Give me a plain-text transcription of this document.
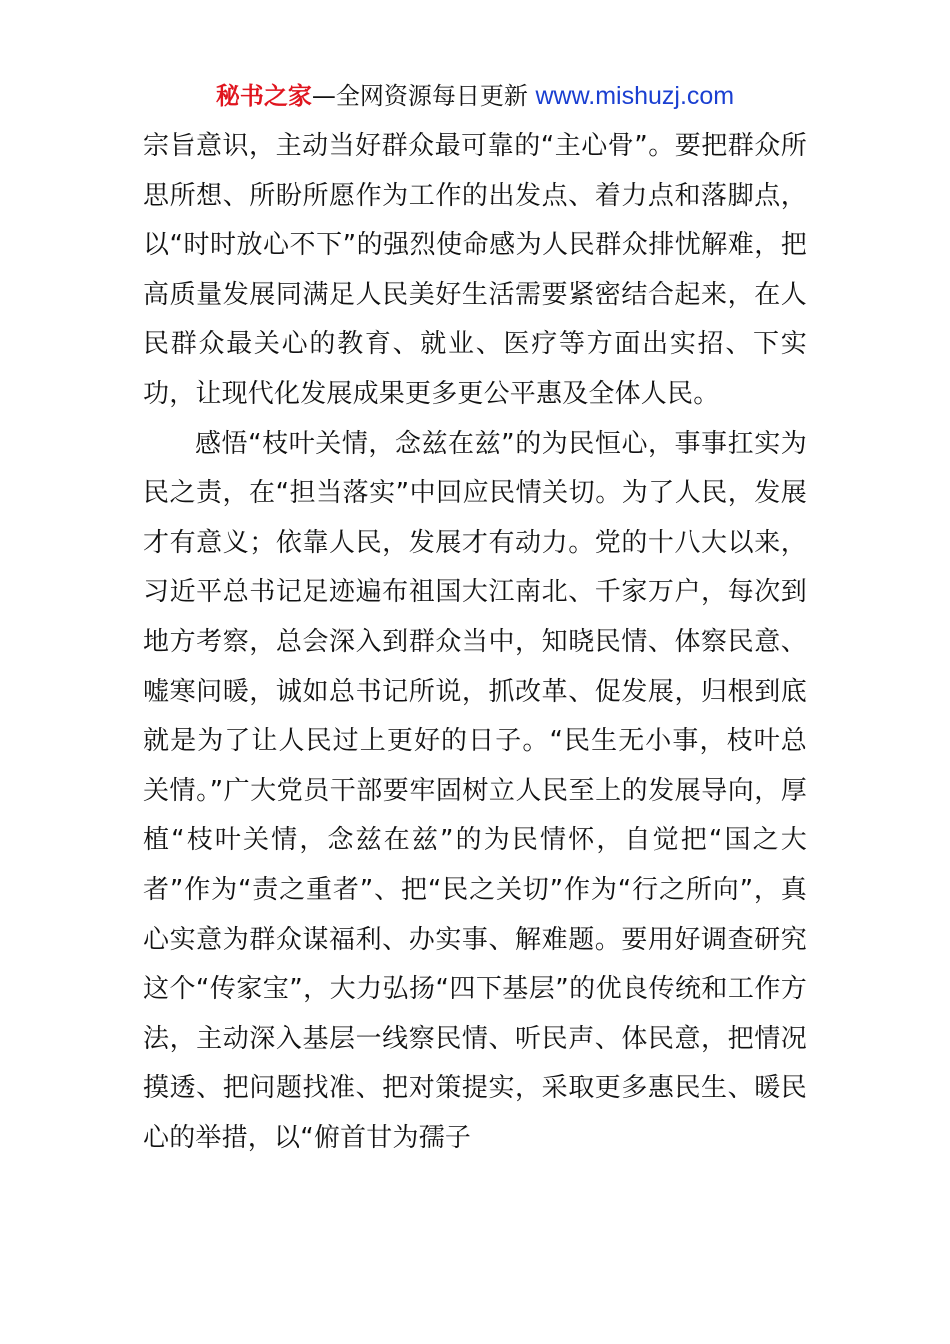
秘书之家—全网资源每日更新 www.mishuzj.com

宗旨意识，主动当好群众最可靠的“主心骨”。要把群众所思所想、所盼所愿作为工作的出发点、着力点和落脚点，以“时时放心不下”的强烈使命感为人民群众排忧解难，把高质量发展同满足人民美好生活需要紧密结合起来，在人民群众最关心的教育、就业、医疗等方面出实招、下实功，让现代化发展成果更多更公平惠及全体人民。

感悟“枝叶关情，念兹在兹”的为民恒心，事事扛实为民之责，在“担当落实”中回应民情关切。为了人民，发展才有意义；依靠人民，发展才有动力。党的十八大以来，习近平总书记足迹遍布祖国大江南北、千家万户，每次到地方考察，总会深入到群众当中，知晓民情、体察民意、嘘寒问暖，诚如总书记所说，抓改革、促发展，归根到底就是为了让人民过上更好的日子。“民生无小事，枝叶总关情。”广大党员干部要牢固树立人民至上的发展导向，厚植“枝叶关情，念兹在兹”的为民情怀，自觉把“国之大者”作为“责之重者”、把“民之关切”作为“行之所向”，真心实意为群众谋福利、办实事、解难题。要用好调查研究这个“传家宝”，大力弘扬“四下基层”的优良传统和工作方法，主动深入基层一线察民情、听民声、体民意，把情况摸透、把问题找准、把对策提实，采取更多惠民生、暖民心的举措，以“俯首甘为孺子
